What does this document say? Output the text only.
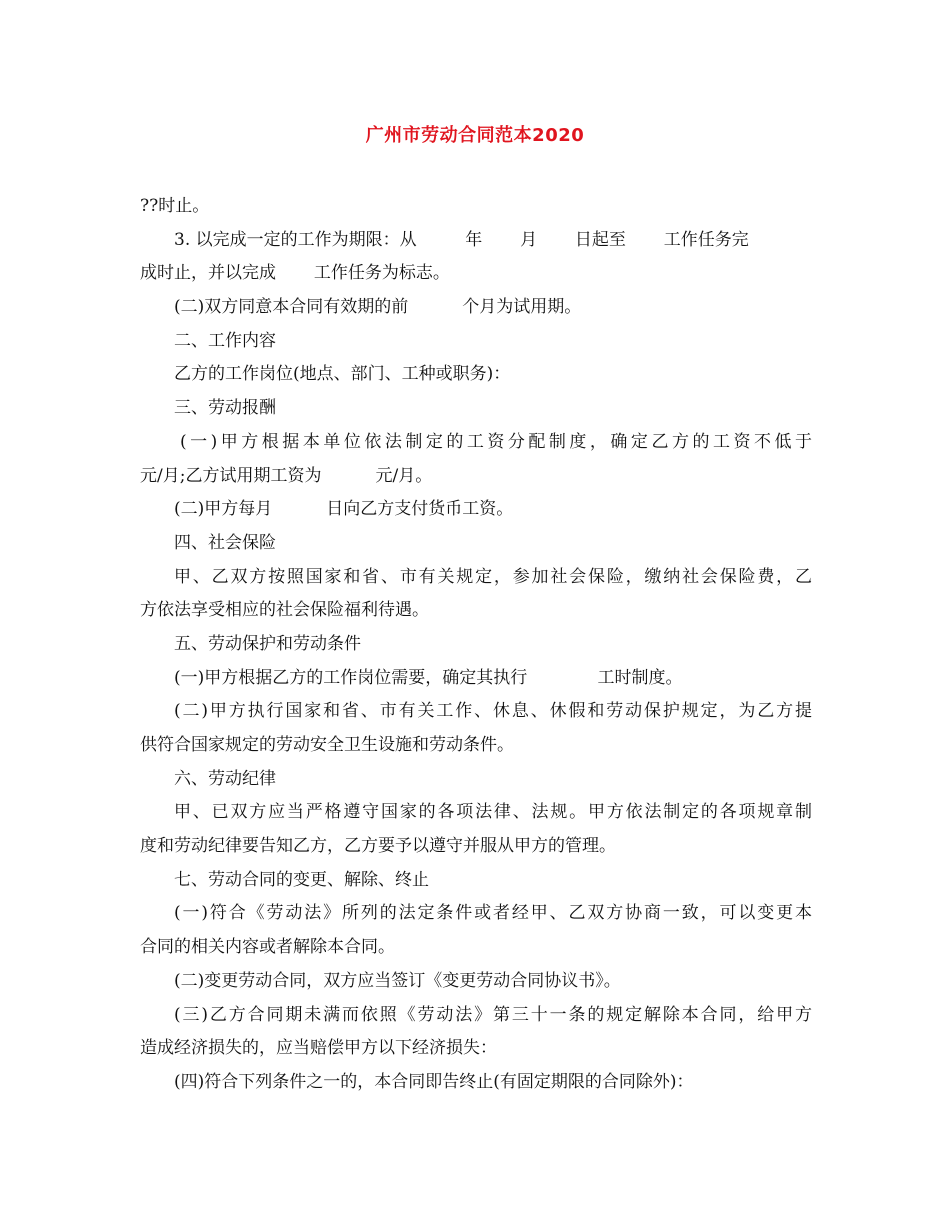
广州市劳动合同范本2020
??时止。
3. 以完成一定的工作为期限：从         年       月       日起至       工作任务完
成时止，并以完成       工作任务为标志。
(二)双方同意本合同有效期的前          个月为试用期。
二、工作内容
乙方的工作岗位(地点、部门、工种或职务)：
三、劳动报酬
(一)甲方根据本单位依法制定的工资分配制度，确定乙方的工资不低于
元/月;乙方试用期工资为          元/月。
(二)甲方每月          日向乙方支付货币工资。
四、社会保险
甲、乙双方按照国家和省、市有关规定，参加社会保险，缴纳社会保险费，乙
方依法享受相应的社会保险福利待遇。
五、劳动保护和劳动条件
(一)甲方根据乙方的工作岗位需要，确定其执行             工时制度。
(二)甲方执行国家和省、市有关工作、休息、休假和劳动保护规定，为乙方提
供符合国家规定的劳动安全卫生设施和劳动条件。
六、劳动纪律
甲、已双方应当严格遵守国家的各项法律、法规。甲方依法制定的各项规章制
度和劳动纪律要告知乙方，乙方要予以遵守并服从甲方的管理。
七、劳动合同的变更、解除、终止
(一)符合《劳动法》所列的法定条件或者经甲、乙双方协商一致，可以变更本
合同的相关内容或者解除本合同。
(二)变更劳动合同，双方应当签订《变更劳动合同协议书》。
(三)乙方合同期未满而依照《劳动法》第三十一条的规定解除本合同，给甲方
造成经济损失的，应当赔偿甲方以下经济损失：
(四)符合下列条件之一的，本合同即告终止(有固定期限的合同除外)：
